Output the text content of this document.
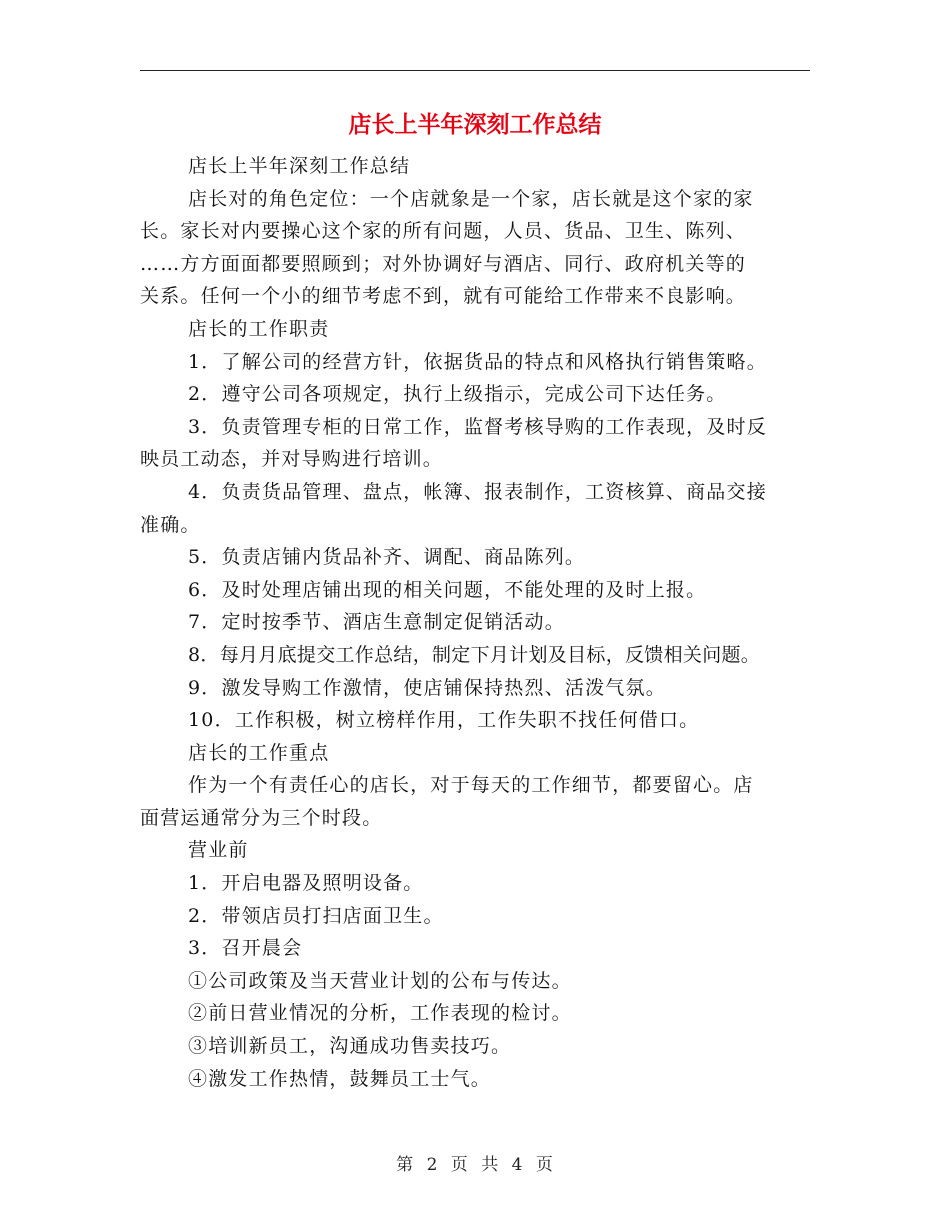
店长上半年深刻工作总结

店长上半年深刻工作总结

店长对的角色定位：一个店就象是一个家，店长就是这个家的家
长。家长对内要操心这个家的所有问题，人员、货品、卫生、陈列、
……方方面面都要照顾到；对外协调好与酒店、同行、政府机关等的
关系。任何一个小的细节考虑不到，就有可能给工作带来不良影响。

店长的工作职责

1．了解公司的经营方针，依据货品的特点和风格执行销售策略。

2．遵守公司各项规定，执行上级指示，完成公司下达任务。

3．负责管理专柜的日常工作，监督考核导购的工作表现，及时反
映员工动态，并对导购进行培训。

4．负责货品管理、盘点，帐簿、报表制作，工资核算、商品交接
准确。

5．负责店铺内货品补齐、调配、商品陈列。

6．及时处理店铺出现的相关问题，不能处理的及时上报。

7．定时按季节、酒店生意制定促销活动。

8．每月月底提交工作总结，制定下月计划及目标，反馈相关问题。

9．激发导购工作激情，使店铺保持热烈、活泼气氛。

10．工作积极，树立榜样作用，工作失职不找任何借口。

店长的工作重点

作为一个有责任心的店长，对于每天的工作细节，都要留心。店
面营运通常分为三个时段。

营业前

1．开启电器及照明设备。

2．带领店员打扫店面卫生。

3．召开晨会

①公司政策及当天营业计划的公布与传达。

②前日营业情况的分析，工作表现的检讨。

③培训新员工，沟通成功售卖技巧。

④激发工作热情，鼓舞员工士气。

第 2 页 共 4 页
